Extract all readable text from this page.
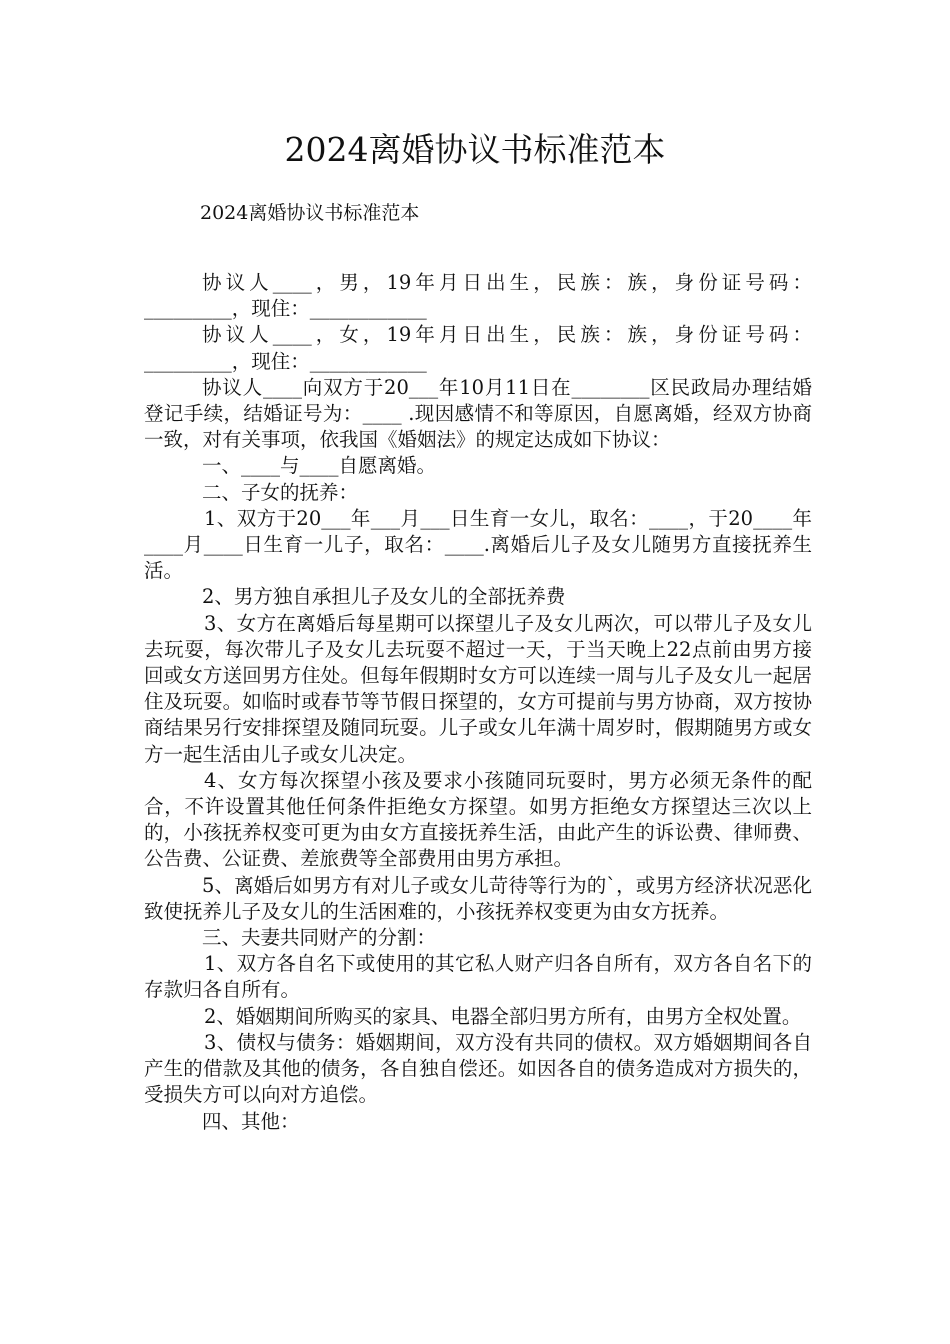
2024离婚协议书标准范本
2024离婚协议书标准范本

协议人____，男，19年月日出生，民族：族，身份证号码：_________，现住：____________

协议人____，女，19年月日出生，民族：族，身份证号码：_________，现住：____________

协议人____向双方于20___年10月11日在________区民政局办理结婚登记手续，结婚证号为：____ .现因感情不和等原因，自愿离婚，经双方协商一致，对有关事项，依我国《婚姻法》的规定达成如下协议：

一、____与____自愿离婚。

二、子女的抚养：

1、双方于20___年___月___日生育一女儿，取名：____，于20____年____月____日生育一儿子，取名：____.离婚后儿子及女儿随男方直接抚养生活。

2、男方独自承担儿子及女儿的全部抚养费

3、女方在离婚后每星期可以探望儿子及女儿两次，可以带儿子及女儿去玩耍，每次带儿子及女儿去玩耍不超过一天，于当天晚上22点前由男方接回或女方送回男方住处。但每年假期时女方可以连续一周与儿子及女儿一起居住及玩耍。如临时或春节等节假日探望的，女方可提前与男方协商，双方按协商结果另行安排探望及随同玩耍。儿子或女儿年满十周岁时，假期随男方或女方一起生活由儿子或女儿决定。

4、女方每次探望小孩及要求小孩随同玩耍时，男方必须无条件的配合，不许设置其他任何条件拒绝女方探望。如男方拒绝女方探望达三次以上的，小孩抚养权变可更为由女方直接抚养生活，由此产生的诉讼费、律师费、公告费、公证费、差旅费等全部费用由男方承担。

5、离婚后如男方有对儿子或女儿苛待等行为的`，或男方经济状况恶化致使抚养儿子及女儿的生活困难的，小孩抚养权变更为由女方抚养。

三、夫妻共同财产的分割：

1、双方各自名下或使用的其它私人财产归各自所有，双方各自名下的存款归各自所有。

2、婚姻期间所购买的家具、电器全部归男方所有，由男方全权处置。

3、债权与债务：婚姻期间，双方没有共同的债权。双方婚姻期间各自产生的借款及其他的债务，各自独自偿还。如因各自的债务造成对方损失的，受损失方可以向对方追偿。

四、其他：
